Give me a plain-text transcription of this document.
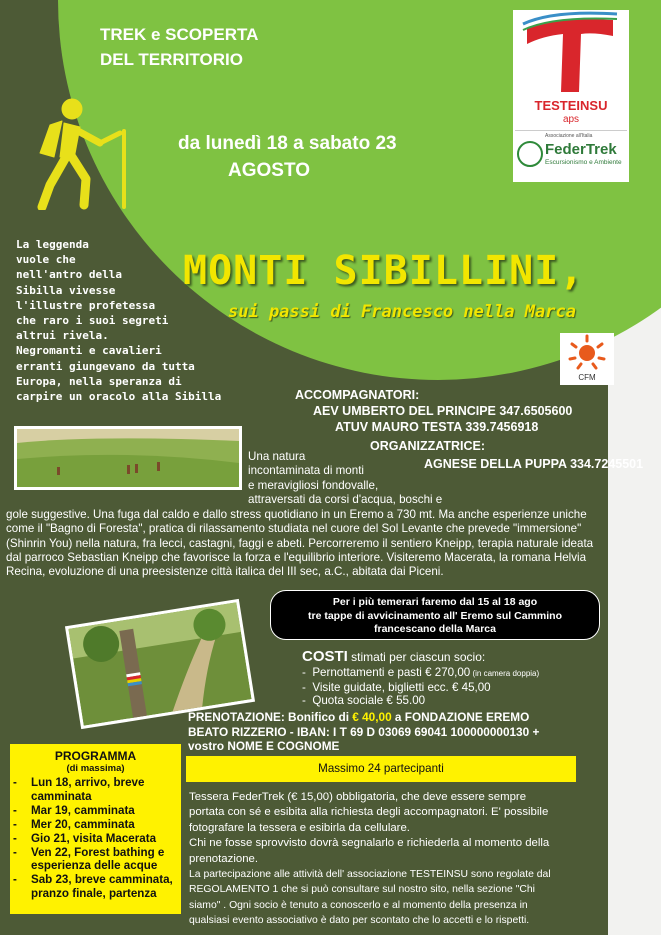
TREK e SCOPERTA
DEL TERRITORIO
da lunedì 18 a sabato 23
AGOSTO
TESTEINSU
aps
Associazione all'Italia
FederTrek
Escursionismo e Ambiente
La leggenda
vuole che
nell'antro della
Sibilla vivesse
l'illustre profetessa
che raro i suoi segreti
altrui rivela.
Negromanti e cavalieri
erranti giungevano da tutta
Europa, nella speranza di
carpire un oracolo alla Sibilla
MONTI SIBILLINI,
sui passi di Francesco nella Marca
CFM
ACCOMPAGNATORI:
AEV UMBERTO DEL PRINCIPE 347.6505600
ATUV MAURO TESTA 339.7456918
ORGANIZZATRICE:
AGNESE DELLA PUPPA 334.7245501
Una natura
incontaminata di monti
e meravigliosi fondovalle,
attraversati da corsi d'acqua, boschi e
gole suggestive. Una fuga dal caldo e dallo stress quotidiano in un Eremo a 730 mt. Ma anche esperienze uniche come il "Bagno di Foresta", pratica di rilassamento studiata nel cuore del Sol Levante che prevede "immersione" (Shinrin You) nella natura, fra lecci, castagni, faggi e abeti. Percorreremo il sentiero Kneipp, terapia naturale ideata dal parroco Sebastian Kneipp che favorisce la forza e l'equilibrio interiore. Visiteremo Macerata, la romana Helvia Recina, evoluzione di una preesistenze città italica del III sec, a.C., abitata dai Piceni.
Per i più temerari faremo dal 15 al 18 ago
tre tappe di avvicinamento all' Eremo sul Cammino
francescano della Marca
COSTI stimati per ciascun socio:
-  Pernottamenti e pasti € 270,00 (in camera doppia)
-  Visite guidate, biglietti ecc. € 45,00
-  Quota sociale € 55.00
PRENOTAZIONE: Bonifico di € 40,00 a FONDAZIONE EREMO
BEATO RIZZERIO - IBAN: I T 69 D 03069 69041 100000000130 +
vostro NOME E COGNOME
PROGRAMMA
(di massima)
-	Lun 18, arrivo, breve
camminata
-	Mar 19, camminata
-	Mer 20, camminata
-	Gio 21, visita Macerata
-	Ven 22, Forest bathing e
esperienza delle acque
-	Sab 23, breve camminata,
pranzo finale, partenza
Massimo 24 partecipanti
Tessera FederTrek (€ 15,00) obbligatoria, che deve essere sempre portata con sé e esibita alla richiesta degli accompagnatori. E' possibile fotografare la tessera e esibirla da cellulare.
Chi ne fosse sprovvisto dovrà segnalarlo e richiederla al momento della prenotazione.
La partecipazione alle attività dell' associazione TESTEINSU sono regolate dal REGOLAMENTO 1 che si può consultare sul nostro sito, nella sezione "Chi siamo" . Ogni socio è tenuto a conoscerlo e al momento della presenza in qualsiasi evento associativo è dato per scontato che lo accetti e lo rispetti.
